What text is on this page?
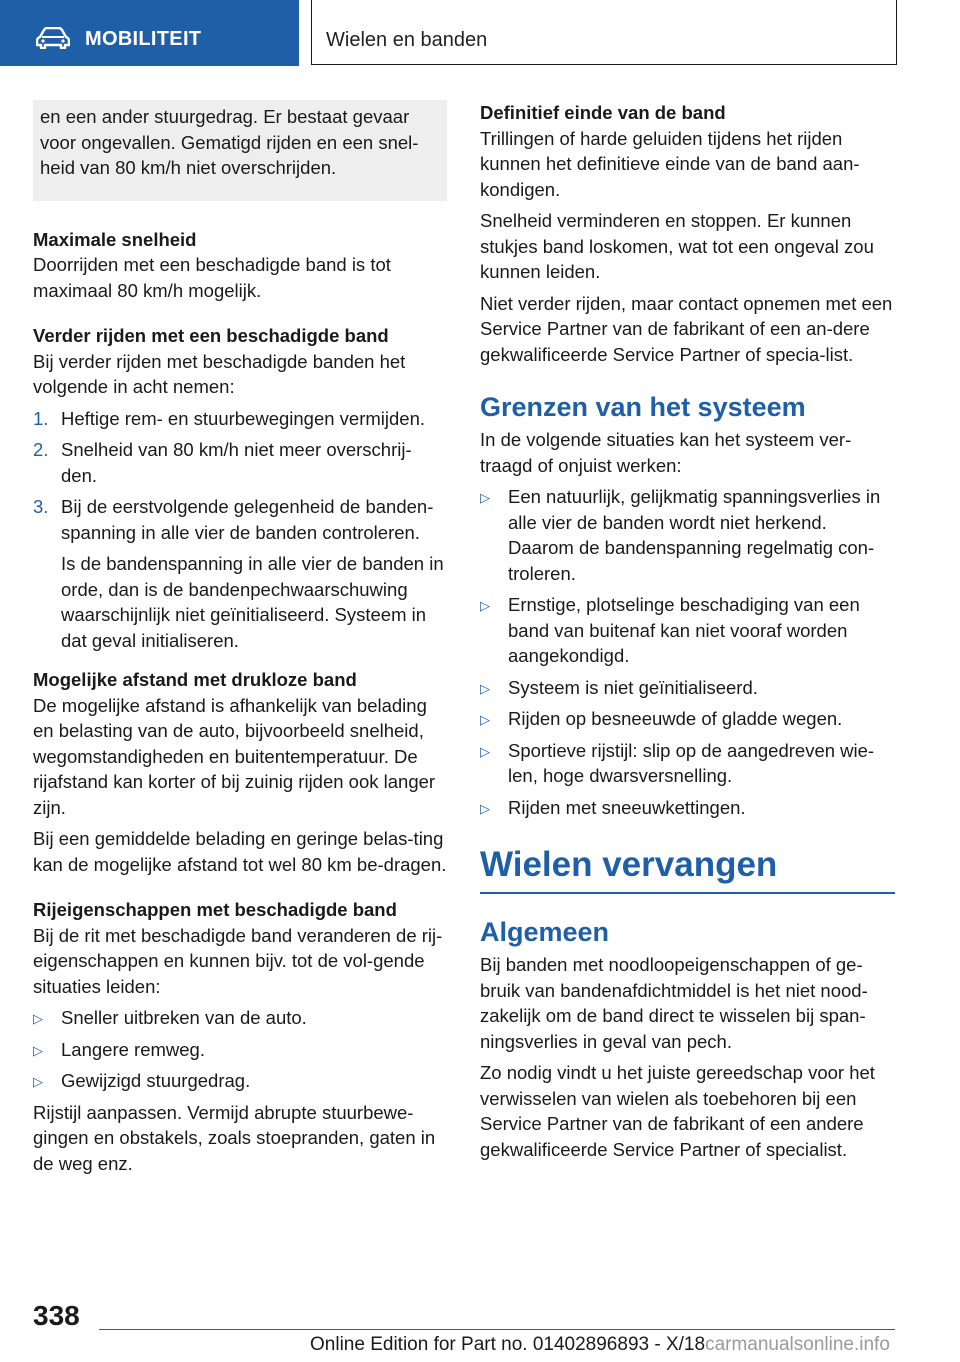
MOBILITEIT	Wielen en banden

en een ander stuurgedrag. Er bestaat gevaar voor ongevallen. Gematigd rijden en een snel-heid van 80 km/h niet overschrijden.

Maximale snelheid

Doorrijden met een beschadigde band is tot maximaal 80 km/h mogelijk.

Verder rijden met een beschadigde band

Bij verder rijden met beschadigde banden het volgende in acht nemen:

1. Heftige rem- en stuurbewegingen vermijden.

2. Snelheid van 80 km/h niet meer overschrij-den.

3. Bij de eerstvolgende gelegenheid de banden-spanning in alle vier de banden controleren.

Is de bandenspanning in alle vier de banden in orde, dan is de bandenpechwaarschuwing waarschijnlijk niet geïnitialiseerd. Systeem in dat geval initialiseren.

Mogelijke afstand met drukloze band

De mogelijke afstand is afhankelijk van belading en belasting van de auto, bijvoorbeeld snelheid, wegomstandigheden en buitentemperatuur. De rijafstand kan korter of bij zuinig rijden ook langer zijn.

Bij een gemiddelde belading en geringe belas-ting kan de mogelijke afstand tot wel 80 km be-dragen.

Rijeigenschappen met beschadigde band

Bij de rit met beschadigde band veranderen de rij-eigenschappen en kunnen bijv. tot de vol-gende situaties leiden:

▷ Sneller uitbreken van de auto.

▷ Langere remweg.

▷ Gewijzigd stuurgedrag.

Rijstijl aanpassen. Vermijd abrupte stuurbewe-gingen en obstakels, zoals stoepranden, gaten in de weg enz.

Definitief einde van de band

Trillingen of harde geluiden tijdens het rijden kunnen het definitieve einde van de band aan-kondigen.

Snelheid verminderen en stoppen. Er kunnen stukjes band loskomen, wat tot een ongeval zou kunnen leiden.

Niet verder rijden, maar contact opnemen met een Service Partner van de fabrikant of een an-dere gekwalificeerde Service Partner of specia-list.

Grenzen van het systeem

In de volgende situaties kan het systeem ver-traagd of onjuist werken:

▷ Een natuurlijk, gelijkmatig spanningsverlies in alle vier de banden wordt niet herkend. Daarom de bandenspanning regelmatig con-troleren.

▷ Ernstige, plotselinge beschadiging van een band van buitenaf kan niet vooraf worden aangekondigd.

▷ Systeem is niet geïnitialiseerd.

▷ Rijden op besneeuwde of gladde wegen.

▷ Sportieve rijstijl: slip op de aangedreven wie-len, hoge dwarsversnelling.

▷ Rijden met sneeuwkettingen.

Wielen vervangen
Algemeen

Bij banden met noodloopeigenschappen of ge-bruik van bandenafdichtmiddel is het niet nood-zakelijk om de band direct te wisselen bij span-ningsverlies in geval van pech.

Zo nodig vindt u het juiste gereedschap voor het verwisselen van wielen als toebehoren bij een Service Partner van de fabrikant of een andere gekwalificeerde Service Partner of specialist.

338
Online Edition for Part no. 01402896893 - X/18carmanualsonline.info
